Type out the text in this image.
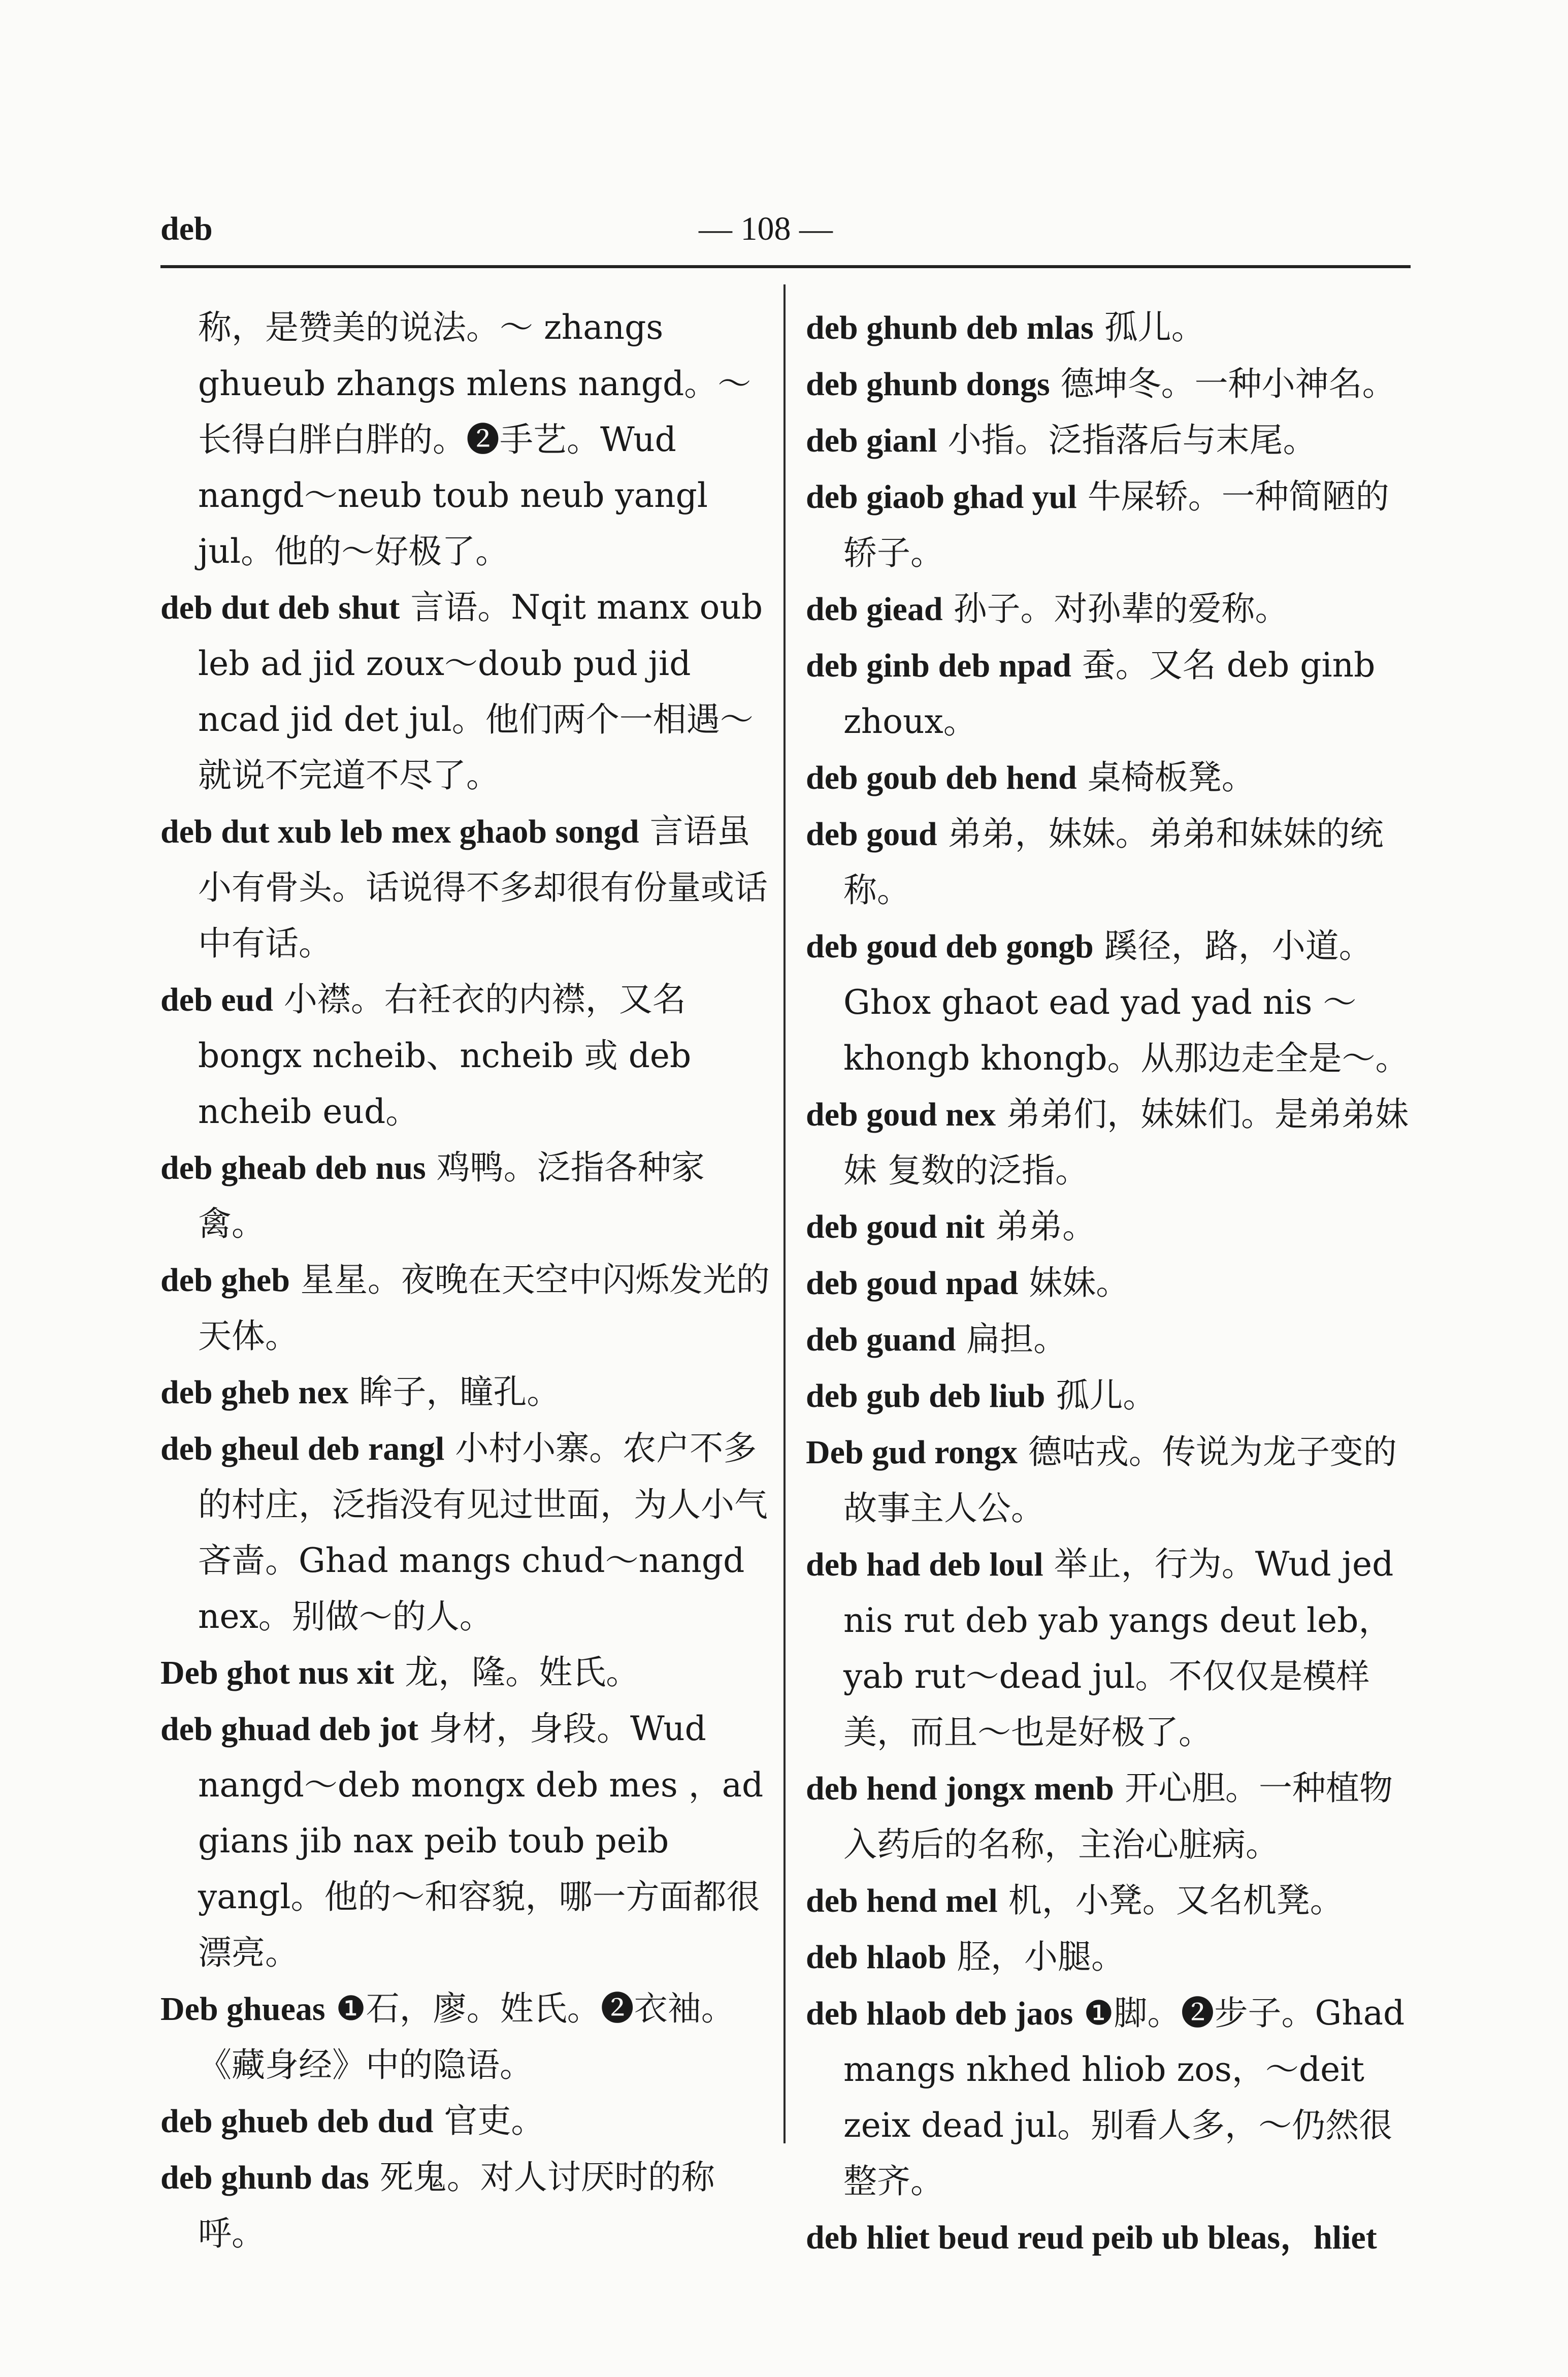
deb	— 108 —

称，是赞美的说法。～ zhangs ghueub zhangs mlens nangd。～长得白胖白胖的。❷手艺。Wud nangd～neub toub neub yangl jul。他的～好极了。

deb dut deb shut 言语。Nqit manx oub leb ad jid zoux～doub pud jid ncad jid det jul。他们两个一相遇～就说不完道不尽了。

deb dut xub leb mex ghaob songd 言语虽小有骨头。话说得不多却很有份量或话中有话。

deb eud 小襟。右衽衣的内襟，又名 bongx ncheib、ncheib 或 deb ncheib eud。

deb gheab deb nus 鸡鸭。泛指各种家禽。

deb gheb 星星。夜晚在天空中闪烁发光的天体。

deb gheb nex 眸子，瞳孔。

deb gheul deb rangl 小村小寨。农户不多的村庄，泛指没有见过世面，为人小气吝啬。Ghad mangs chud～nangd nex。别做～的人。

Deb ghot nus xit 龙，隆。姓氏。

deb ghuad deb jot 身材，身段。Wud nangd～deb mongx deb mes ，ad gians jib nax peib toub peib yangl。他的～和容貌，哪一方面都很漂亮。

Deb ghueas ❶石，廖。姓氏。❷衣袖。《藏身经》中的隐语。

deb ghueb deb dud 官吏。

deb ghunb das 死鬼。对人讨厌时的称呼。

deb ghunb deb mlas 孤儿。

deb ghunb dongs 德坤冬。一种小神名。

deb gianl 小指。泛指落后与末尾。

deb giaob ghad yul 牛屎轿。一种简陋的轿子。

deb giead 孙子。对孙辈的爱称。

deb ginb deb npad 蚕。又名 deb ginb zhoux。

deb goub deb hend 桌椅板凳。

deb goud 弟弟，妹妹。弟弟和妹妹的统称。

deb goud deb gongb 蹊径，路，小道。Ghox ghaot ead yad yad nis ～ khongb khongb。从那边走全是～。

deb goud nex 弟弟们，妹妹们。是弟弟妹妹 复数的泛指。

deb goud nit 弟弟。

deb goud npad 妹妹。

deb guand 扁担。

deb gub deb liub 孤儿。

Deb gud rongx 德咕戎。传说为龙子变的故事主人公。

deb had deb loul 举止，行为。Wud jed nis rut deb yab yangs deut leb，yab rut～dead jul。不仅仅是模样美，而且～也是好极了。

deb hend jongx menb 开心胆。一种植物入药后的名称，主治心脏病。

deb hend mel 机，小凳。又名机凳。

deb hlaob 胫，小腿。

deb hlaob deb jaos ❶脚。❷步子。Ghad mangs nkhed hliob zos，～deit zeix dead jul。别看人多，～仍然很整齐。

deb hliet beud reud peib ub bleas，hliet
